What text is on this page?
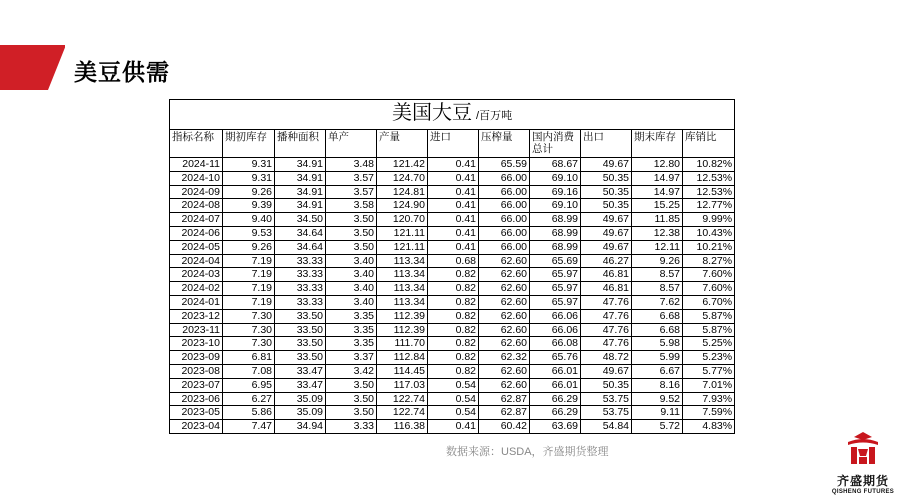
美豆供需
美国大豆 /百万吨										
指标名称	期初库存	播种面积	单产	产量	进口	压榨量	国内消费总计	出口	期末库存	库销比
2024-11	9.31	34.91	3.48	121.42	0.41	65.59	68.67	49.67	12.80	10.82%
2024-10	9.31	34.91	3.57	124.70	0.41	66.00	69.10	50.35	14.97	12.53%
2024-09	9.26	34.91	3.57	124.81	0.41	66.00	69.16	50.35	14.97	12.53%
2024-08	9.39	34.91	3.58	124.90	0.41	66.00	69.10	50.35	15.25	12.77%
2024-07	9.40	34.50	3.50	120.70	0.41	66.00	68.99	49.67	11.85	9.99%
2024-06	9.53	34.64	3.50	121.11	0.41	66.00	68.99	49.67	12.38	10.43%
2024-05	9.26	34.64	3.50	121.11	0.41	66.00	68.99	49.67	12.11	10.21%
2024-04	7.19	33.33	3.40	113.34	0.68	62.60	65.69	46.27	9.26	8.27%
2024-03	7.19	33.33	3.40	113.34	0.82	62.60	65.97	46.81	8.57	7.60%
2024-02	7.19	33.33	3.40	113.34	0.82	62.60	65.97	46.81	8.57	7.60%
2024-01	7.19	33.33	3.40	113.34	0.82	62.60	65.97	47.76	7.62	6.70%
2023-12	7.30	33.50	3.35	112.39	0.82	62.60	66.06	47.76	6.68	5.87%
2023-11	7.30	33.50	3.35	112.39	0.82	62.60	66.06	47.76	6.68	5.87%
2023-10	7.30	33.50	3.35	111.70	0.82	62.60	66.08	47.76	5.98	5.25%
2023-09	6.81	33.50	3.37	112.84	0.82	62.32	65.76	48.72	5.99	5.23%
2023-08	7.08	33.47	3.42	114.45	0.82	62.60	66.01	49.67	6.67	5.77%
2023-07	6.95	33.47	3.50	117.03	0.54	62.60	66.01	50.35	8.16	7.01%
2023-06	6.27	35.09	3.50	122.74	0.54	62.87	66.29	53.75	9.52	7.93%
2023-05	5.86	35.09	3.50	122.74	0.54	62.87	66.29	53.75	9.11	7.59%
2023-04	7.47	34.94	3.33	116.38	0.41	60.42	63.69	54.84	5.72	4.83%
数据来源：USDA，齐盛期货整理
齐盛期货
QISHENG FUTURES
